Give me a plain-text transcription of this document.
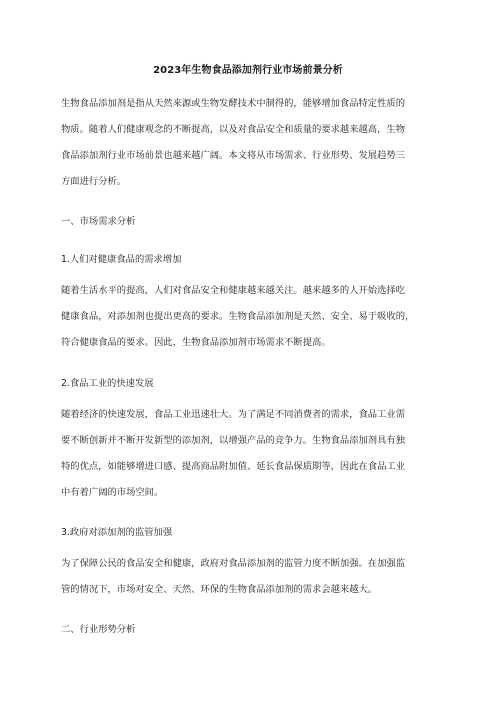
2023年生物食品添加剂行业市场前景分析

生物食品添加剂是指从天然来源或生物发酵技术中制得的，能够增加食品特定性质的
物质。随着人们健康观念的不断提高，以及对食品安全和质量的要求越来越高，生物
食品添加剂行业市场前景也越来越广阔。本文将从市场需求、行业形势、发展趋势三
方面进行分析。

一、市场需求分析

1.人们对健康食品的需求增加

随着生活水平的提高，人们对食品安全和健康越来越关注。越来越多的人开始选择吃
健康食品，对添加剂也提出更高的要求。生物食品添加剂是天然、安全、易于吸收的，
符合健康食品的要求。因此，生物食品添加剂市场需求不断提高。

2.食品工业的快速发展

随着经济的快速发展，食品工业迅速壮大。为了满足不同消费者的需求，食品工业需
要不断创新并不断开发新型的添加剂，以增强产品的竞争力。生物食品添加剂具有独
特的优点，如能够增进口感、提高商品附加值、延长食品保质期等，因此在食品工业
中有着广阔的市场空间。

3.政府对添加剂的监管加强

为了保障公民的食品安全和健康，政府对食品添加剂的监管力度不断加强。在加强监
管的情况下，市场对安全、天然、环保的生物食品添加剂的需求会越来越大。

二、行业形势分析
